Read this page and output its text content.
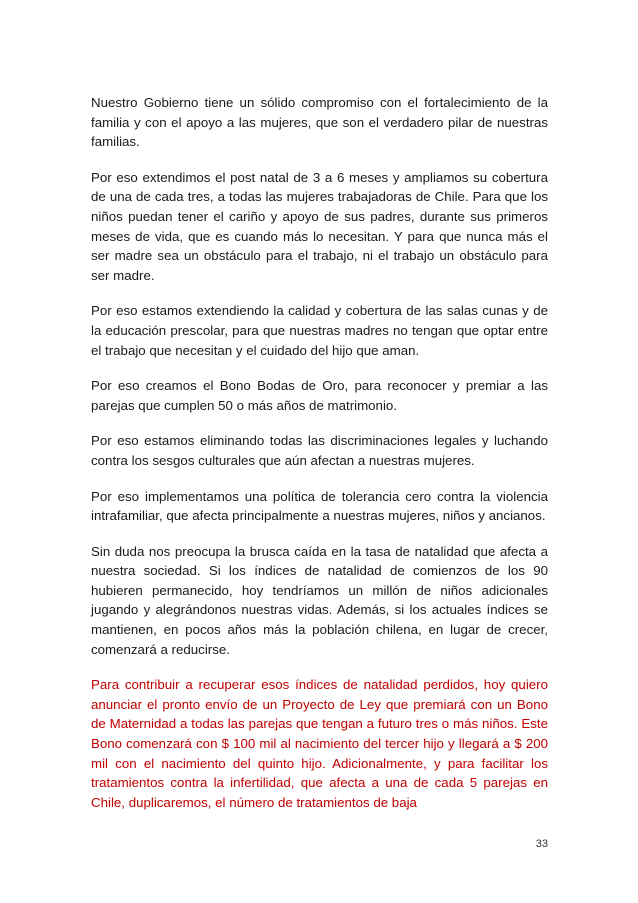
Nuestro Gobierno tiene un sólido compromiso con el fortalecimiento de la familia y con el apoyo a las mujeres, que son el verdadero pilar de nuestras familias.

Por eso extendimos el post natal de 3 a 6 meses y ampliamos su cobertura de una de cada tres, a todas las mujeres trabajadoras de Chile. Para que los niños puedan tener el cariño y apoyo de sus padres, durante sus primeros meses de vida, que es cuando más lo necesitan. Y para que nunca más el ser madre sea un obstáculo para el trabajo, ni el trabajo un obstáculo para ser madre.

Por eso estamos extendiendo la calidad y cobertura de las salas cunas y de la educación prescolar, para que nuestras madres no tengan que optar entre el trabajo que necesitan y el cuidado del hijo que aman.

Por eso creamos el Bono Bodas de Oro, para reconocer y premiar a las parejas que cumplen 50 o más años de matrimonio.

Por eso estamos eliminando todas las discriminaciones legales y luchando contra los sesgos culturales que aún afectan a nuestras mujeres.

Por eso implementamos una política de tolerancia cero contra la violencia intrafamiliar, que afecta principalmente a nuestras mujeres, niños y ancianos.

Sin duda nos preocupa la brusca caída en la tasa de natalidad que afecta a nuestra sociedad. Si los índices de natalidad de comienzos de los 90 hubieren permanecido, hoy tendríamos un millón de niños adicionales jugando y alegrándonos nuestras vidas. Además, si los actuales índices se mantienen, en pocos años más la población chilena, en lugar de crecer, comenzará a reducirse.

Para contribuir a recuperar esos índices de natalidad perdidos, hoy quiero anunciar el pronto envío de un Proyecto de Ley que premiará con un Bono de Maternidad a todas las parejas que tengan a futuro tres o más niños. Este Bono comenzará con $ 100 mil al nacimiento del tercer hijo y llegará a $ 200 mil con el nacimiento del quinto hijo. Adicionalmente, y para facilitar los tratamientos contra la infertilidad, que afecta a una de cada 5 parejas en Chile, duplicaremos, el número de tratamientos de baja

33
